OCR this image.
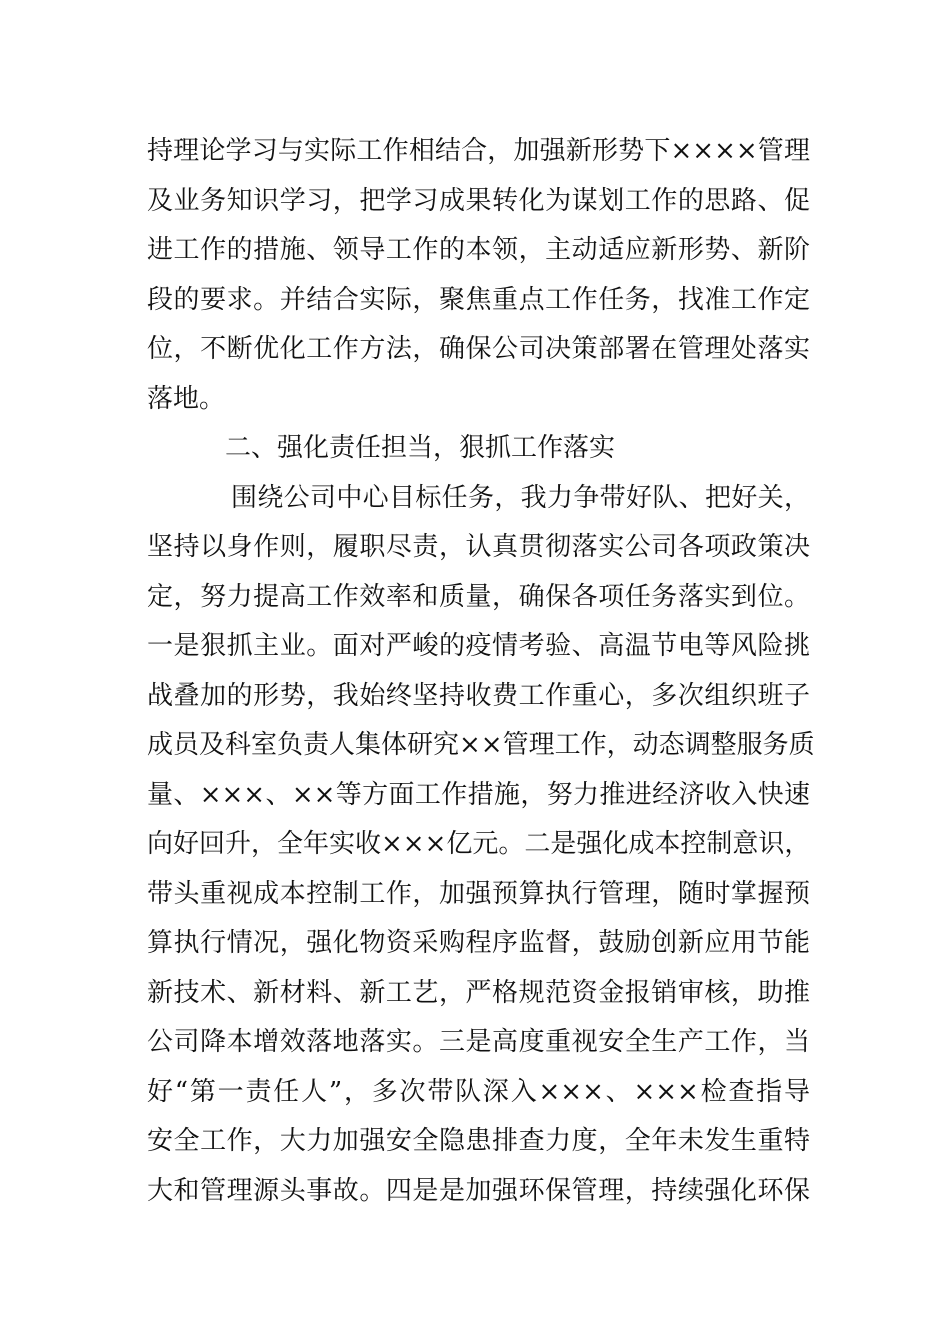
持理论学习与实际工作相结合，加强新形势下××××管理
及业务知识学习，把学习成果转化为谋划工作的思路、促
进工作的措施、领导工作的本领，主动适应新形势、新阶
段的要求。并结合实际，聚焦重点工作任务，找准工作定
位，不断优化工作方法，确保公司决策部署在管理处落实
落地。
二、强化责任担当，狠抓工作落实
围绕公司中心目标任务，我力争带好队、把好关，
坚持以身作则，履职尽责，认真贯彻落实公司各项政策决
定，努力提高工作效率和质量，确保各项任务落实到位。
一是狠抓主业。面对严峻的疫情考验、高温节电等风险挑
战叠加的形势，我始终坚持收费工作重心，多次组织班子
成员及科室负责人集体研究××管理工作，动态调整服务质
量、×××、××等方面工作措施，努力推进经济收入快速
向好回升，全年实收×××亿元。二是强化成本控制意识，
带头重视成本控制工作，加强预算执行管理，随时掌握预
算执行情况，强化物资采购程序监督，鼓励创新应用节能
新技术、新材料、新工艺，严格规范资金报销审核，助推
公司降本增效落地落实。三是高度重视安全生产工作，当
好“第一责任人”，多次带队深入×××、×××检查指导
安全工作，大力加强安全隐患排查力度，全年未发生重特
大和管理源头事故。四是是加强环保管理，持续强化环保
